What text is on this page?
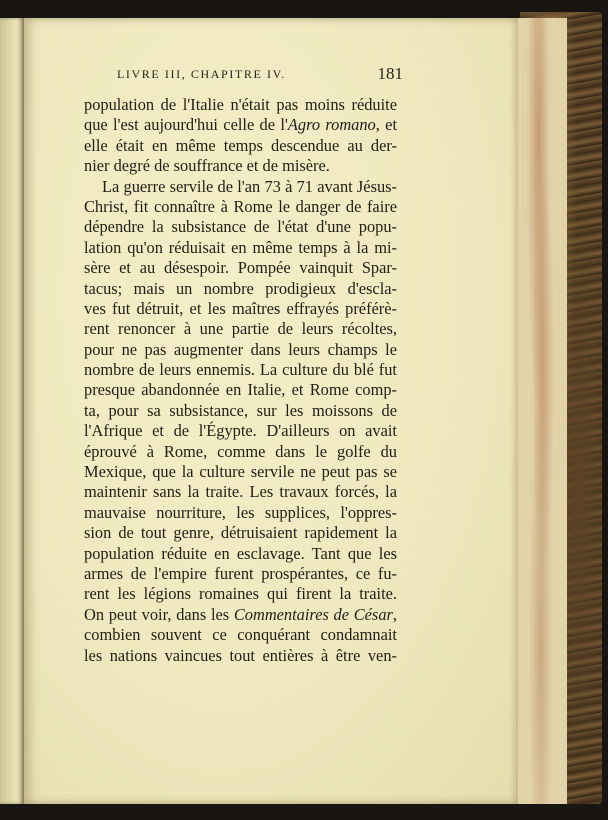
LIVRE III, CHAPITRE IV.	181
population de l'Italie n'était pas moins réduite
que l'est aujourd'hui celle de l'Agro romano, et
elle était en même temps descendue au der-
nier degré de souffrance et de misère.
La guerre servile de l'an 73 à 71 avant Jésus-
Christ, fit connaître à Rome le danger de faire
dépendre la subsistance de l'état d'une popu-
lation qu'on réduisait en même temps à la mi-
sère et au désespoir. Pompée vainquit Spar-
tacus; mais un nombre prodigieux d'escla-
ves fut détruit, et les maîtres effrayés préférè-
rent renoncer à une partie de leurs récoltes,
pour ne pas augmenter dans leurs champs le
nombre de leurs ennemis. La culture du blé fut
presque abandonnée en Italie, et Rome comp-
ta, pour sa subsistance, sur les moissons de
l'Afrique et de l'Égypte. D'ailleurs on avait
éprouvé à Rome, comme dans le golfe du
Mexique, que la culture servile ne peut pas se
maintenir sans la traite. Les travaux forcés, la
mauvaise nourriture, les supplices, l'oppres-
sion de tout genre, détruisaient rapidement la
population réduite en esclavage. Tant que les
armes de l'empire furent prospérantes, ce fu-
rent les légions romaines qui firent la traite.
On peut voir, dans les Commentaires de César,
combien souvent ce conquérant condamnait
les nations vaincues tout entières à être ven-
